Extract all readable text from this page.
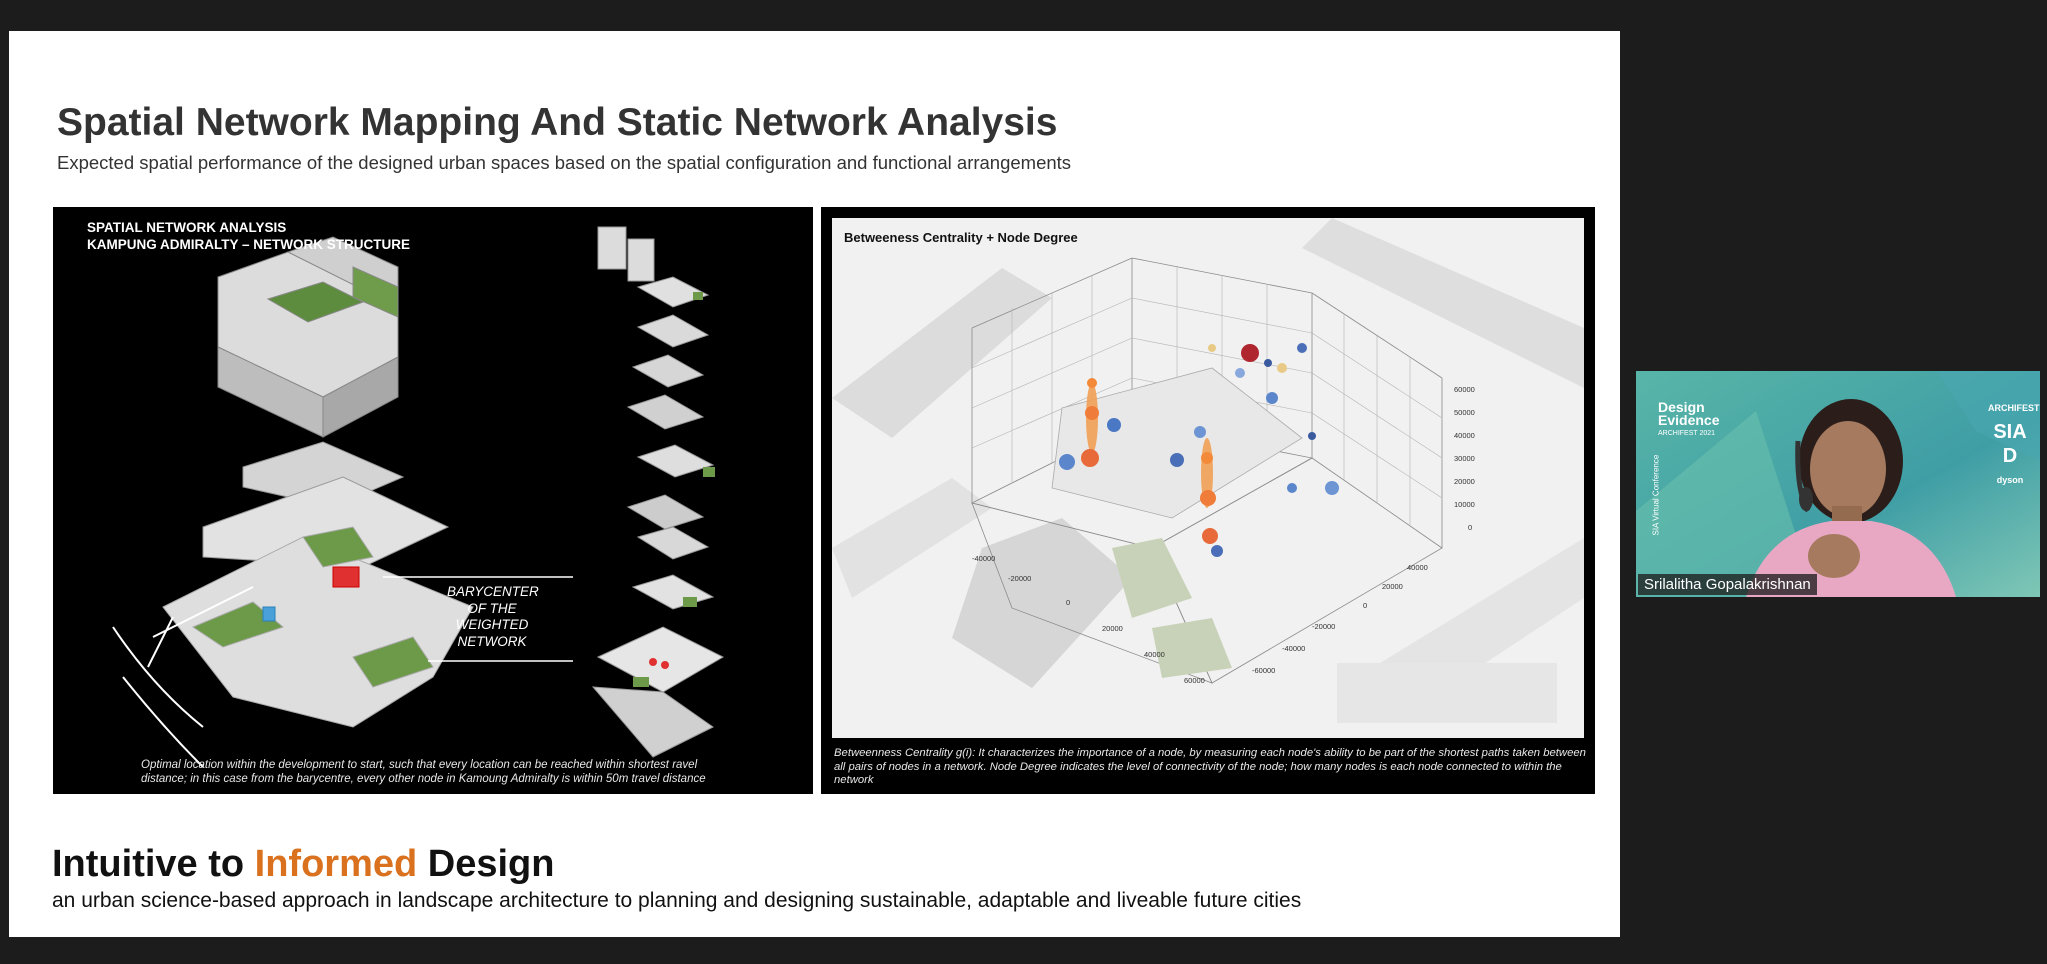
Spatial Network Mapping And Static Network Analysis
Expected spatial performance of the designed urban spaces based on the spatial configuration and functional arrangements
SPATIAL NETWORK ANALYSIS
KAMPUNG ADMIRALTY – NETWORK STRUCTURE
BARYCENTER OF THE WEIGHTED NETWORK
Optimal location within the development to start, such that every location can be reached within shortest ravel distance; in this case from the barycentre, every other node in Kamoung Admiralty is within 50m travel distance
Betweeness Centrality + Node Degree
60000
50000
40000
30000
20000
10000
0
-40000
-20000
0
20000
40000
60000
40000
20000
0
-20000
-40000
-60000
Betweenness Centrality g(i): It characterizes the importance of a node, by measuring each node's ability to be part of the shortest paths taken between all pairs of nodes in a network. Node Degree indicates the level of connectivity of the node; how many nodes is each node connected to within the network
Intuitive to Informed Design
an urban science-based approach in landscape architecture to planning and designing sustainable, adaptable and liveable future cities
Design
Evidence
ARCHIFEST 2021
SIA Virtual Conference
ARCHIFEST
SIA
D
dyson
Srilalitha Gopalakrishnan
